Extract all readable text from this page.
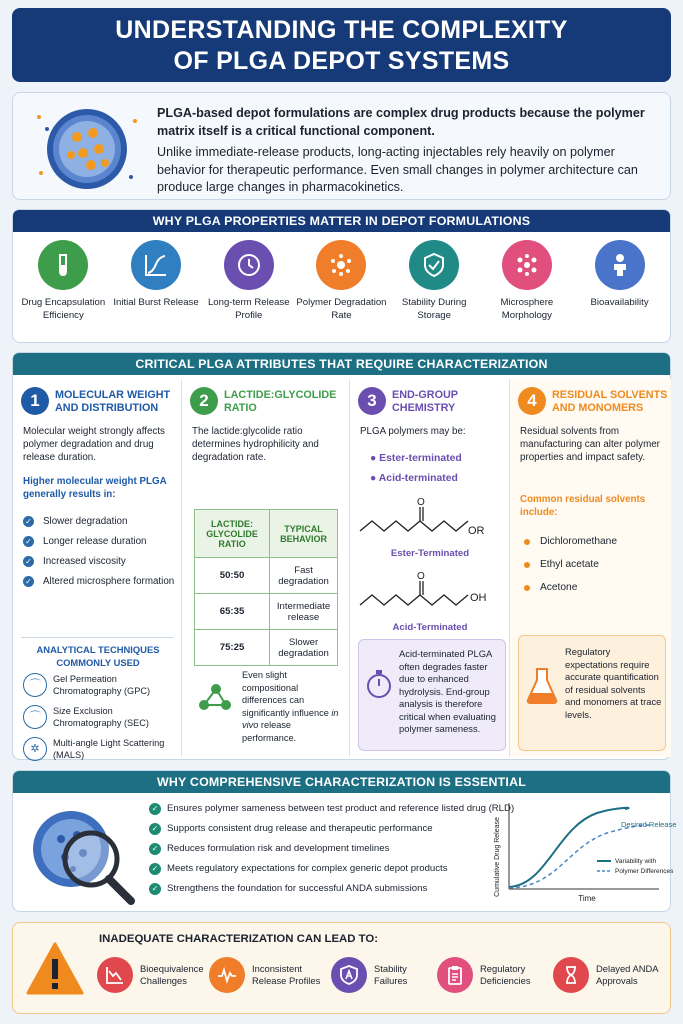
UNDERSTANDING THE COMPLEXITY
OF PLGA DEPOT SYSTEMS
PLGA-based depot formulations are complex drug products because the polymer matrix itself is a critical functional component.
Unlike immediate-release products, long-acting injectables rely heavily on polymer behavior for therapeutic performance. Even small changes in polymer architecture can produce large changes in pharmacokinetics.
WHY PLGA PROPERTIES MATTER IN DEPOT FORMULATIONS
Drug Encapsulation Efficiency
Initial Burst Release Long-term Release Profile
Polymer Degradation Rate
Stability During Storage
Microsphere Morphology
Bioavailability
CRITICAL PLGA ATTRIBUTES THAT REQUIRE CHARACTERIZATION
1	MOLECULAR WEIGHT
AND DISTRIBUTION
Molecular weight strongly affects polymer degradation and drug release duration.
Higher molecular weight PLGA generally results in:
✓ Slower degradation
✓ Longer release duration
✓ Increased viscosity
✓ Altered microsphere formation
ANALYTICAL TECHNIQUES
COMMONLY USED
⌒	Gel Permeation Chromatography (GPC)
⌒	Size Exclusion Chromatography (SEC)
✲	Multi-angle Light Scattering (MALS)
2	LACTIDE:GLYCOLIDE
RATIO
The lactide:glycolide ratio determines hydrophilicity and degradation rate.
LACTIDE: GLYCOLIDE RATIO	TYPICAL BEHAVIOR
50:50	Fast degradation
65:35	Intermediate release
75:25	Slower degradation
Even slight compositional differences can significantly influence in vivo release performance.
3	END-GROUP
CHEMISTRY
PLGA polymers may be:
● Ester-terminated
● Acid-terminated
O
OR
Ester-Terminated
O
OH
Acid-Terminated
Acid-terminated PLGA often degrades faster due to enhanced hydrolysis. End-group analysis is therefore critical when evaluating polymer sameness.
4	RESIDUAL SOLVENTS
AND MONOMERS
Residual solvents from manufacturing can alter polymer properties and impact safety.
Common residual solvents include:
Dichloromethane
Ethyl acetate
Acetone
Regulatory expectations require accurate quantification of residual solvents and monomers at trace levels.
WHY COMPREHENSIVE CHARACTERIZATION IS ESSENTIAL
✓ Ensures polymer sameness between test product and reference listed drug (RLD)
✓ Supports consistent drug release and therapeutic performance
✓ Reduces formulation risk and development timelines
✓ Meets regulatory expectations for complex generic depot products
✓ Strengthens the foundation for successful ANDA submissions	Cumulative Drug Release
Time
Desired Release
Variability with
Polymer Differences
INADEQUATE CHARACTERIZATION CAN LEAD TO:
Bioequivalence
Challenges
Inconsistent
Release Profiles
Stability
Failures
Regulatory
Deficiencies
Delayed ANDA
Approvals
